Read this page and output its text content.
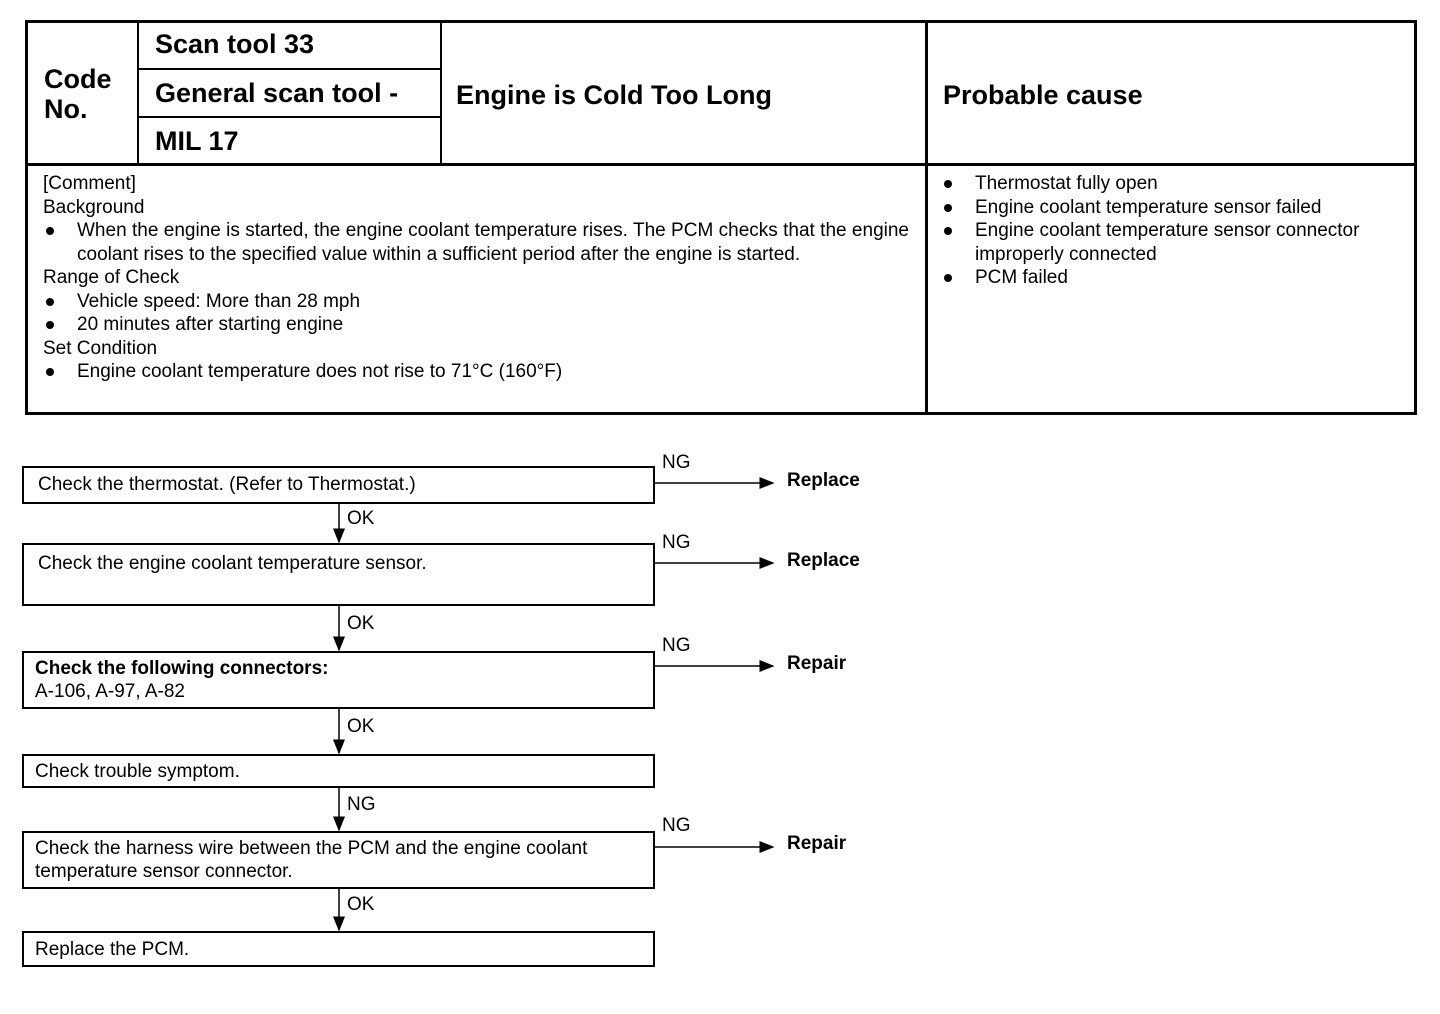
Code No.
Scan tool 33
General scan tool -
MIL 17
Engine is Cold Too Long	Probable cause
[Comment]
Background
When the engine is started, the engine coolant temperature rises. The PCM checks that the engine coolant rises to the specified value within a sufficient period after the engine is started.
Range of Check
Vehicle speed: More than 28 mph
20 minutes after starting engine
Set Condition
Engine coolant temperature does not rise to 71°C (160°F)
Thermostat fully open
Engine coolant temperature sensor failed
Engine coolant temperature sensor connector improperly connected
PCM failed
Check the thermostat. (Refer to Thermostat.)
NG
Replace
OK
Check the engine coolant temperature sensor.
NG
Replace
OK
Check the following connectors:
A-106, A-97, A-82
NG
Repair
OK
Check trouble symptom.
NG
Check the harness wire between the PCM and the engine coolant temperature sensor connector.
NG
Repair
OK
Replace the PCM.
